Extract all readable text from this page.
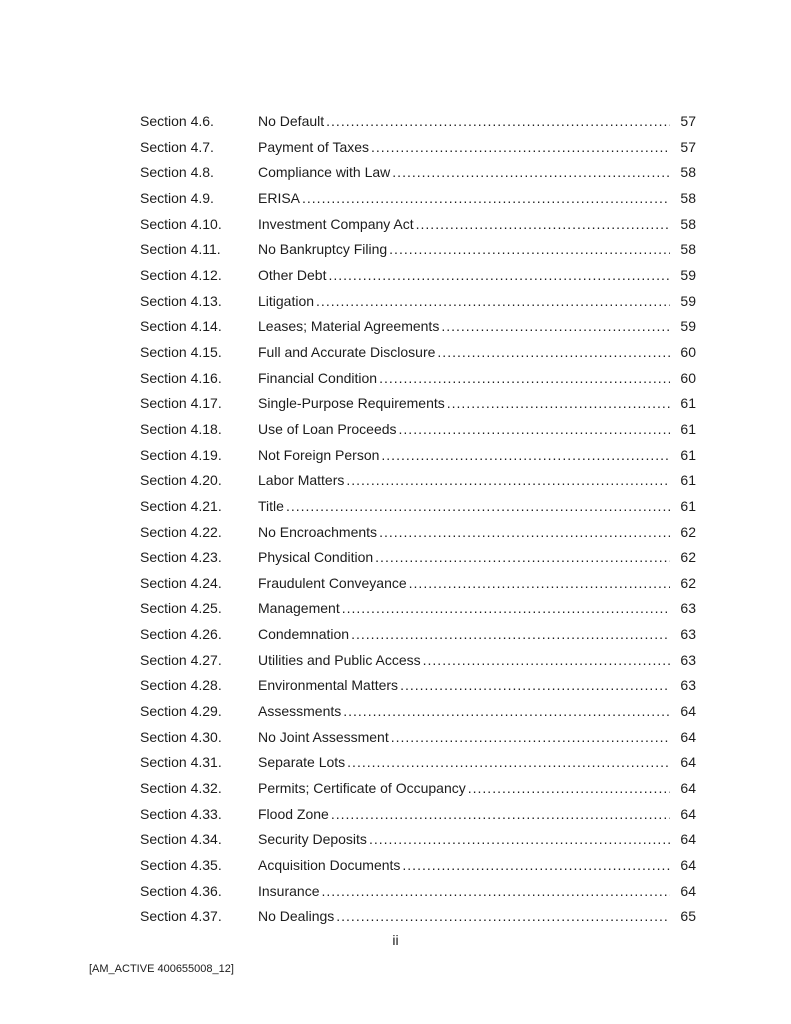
Section 4.6.	No Default .....	57
Section 4.7.	Payment of Taxes .....	57
Section 4.8.	Compliance with Law .....	58
Section 4.9.	ERISA .....	58
Section 4.10.	Investment Company Act .....	58
Section 4.11.	No Bankruptcy Filing .....	58
Section 4.12.	Other Debt .....	59
Section 4.13.	Litigation .....	59
Section 4.14.	Leases; Material Agreements .....	59
Section 4.15.	Full and Accurate Disclosure .....	60
Section 4.16.	Financial Condition .....	60
Section 4.17.	Single-Purpose Requirements .....	61
Section 4.18.	Use of Loan Proceeds .....	61
Section 4.19.	Not Foreign Person .....	61
Section 4.20.	Labor Matters .....	61
Section 4.21.	Title .....	61
Section 4.22.	No Encroachments .....	62
Section 4.23.	Physical Condition .....	62
Section 4.24.	Fraudulent Conveyance .....	62
Section 4.25.	Management .....	63
Section 4.26.	Condemnation .....	63
Section 4.27.	Utilities and Public Access .....	63
Section 4.28.	Environmental Matters .....	63
Section 4.29.	Assessments .....	64
Section 4.30.	No Joint Assessment .....	64
Section 4.31.	Separate Lots .....	64
Section 4.32.	Permits; Certificate of Occupancy .....	64
Section 4.33.	Flood Zone .....	64
Section 4.34.	Security Deposits .....	64
Section 4.35.	Acquisition Documents .....	64
Section 4.36.	Insurance .....	64
Section 4.37.	No Dealings .....	65
ii
[AM_ACTIVE 400655008_12]
